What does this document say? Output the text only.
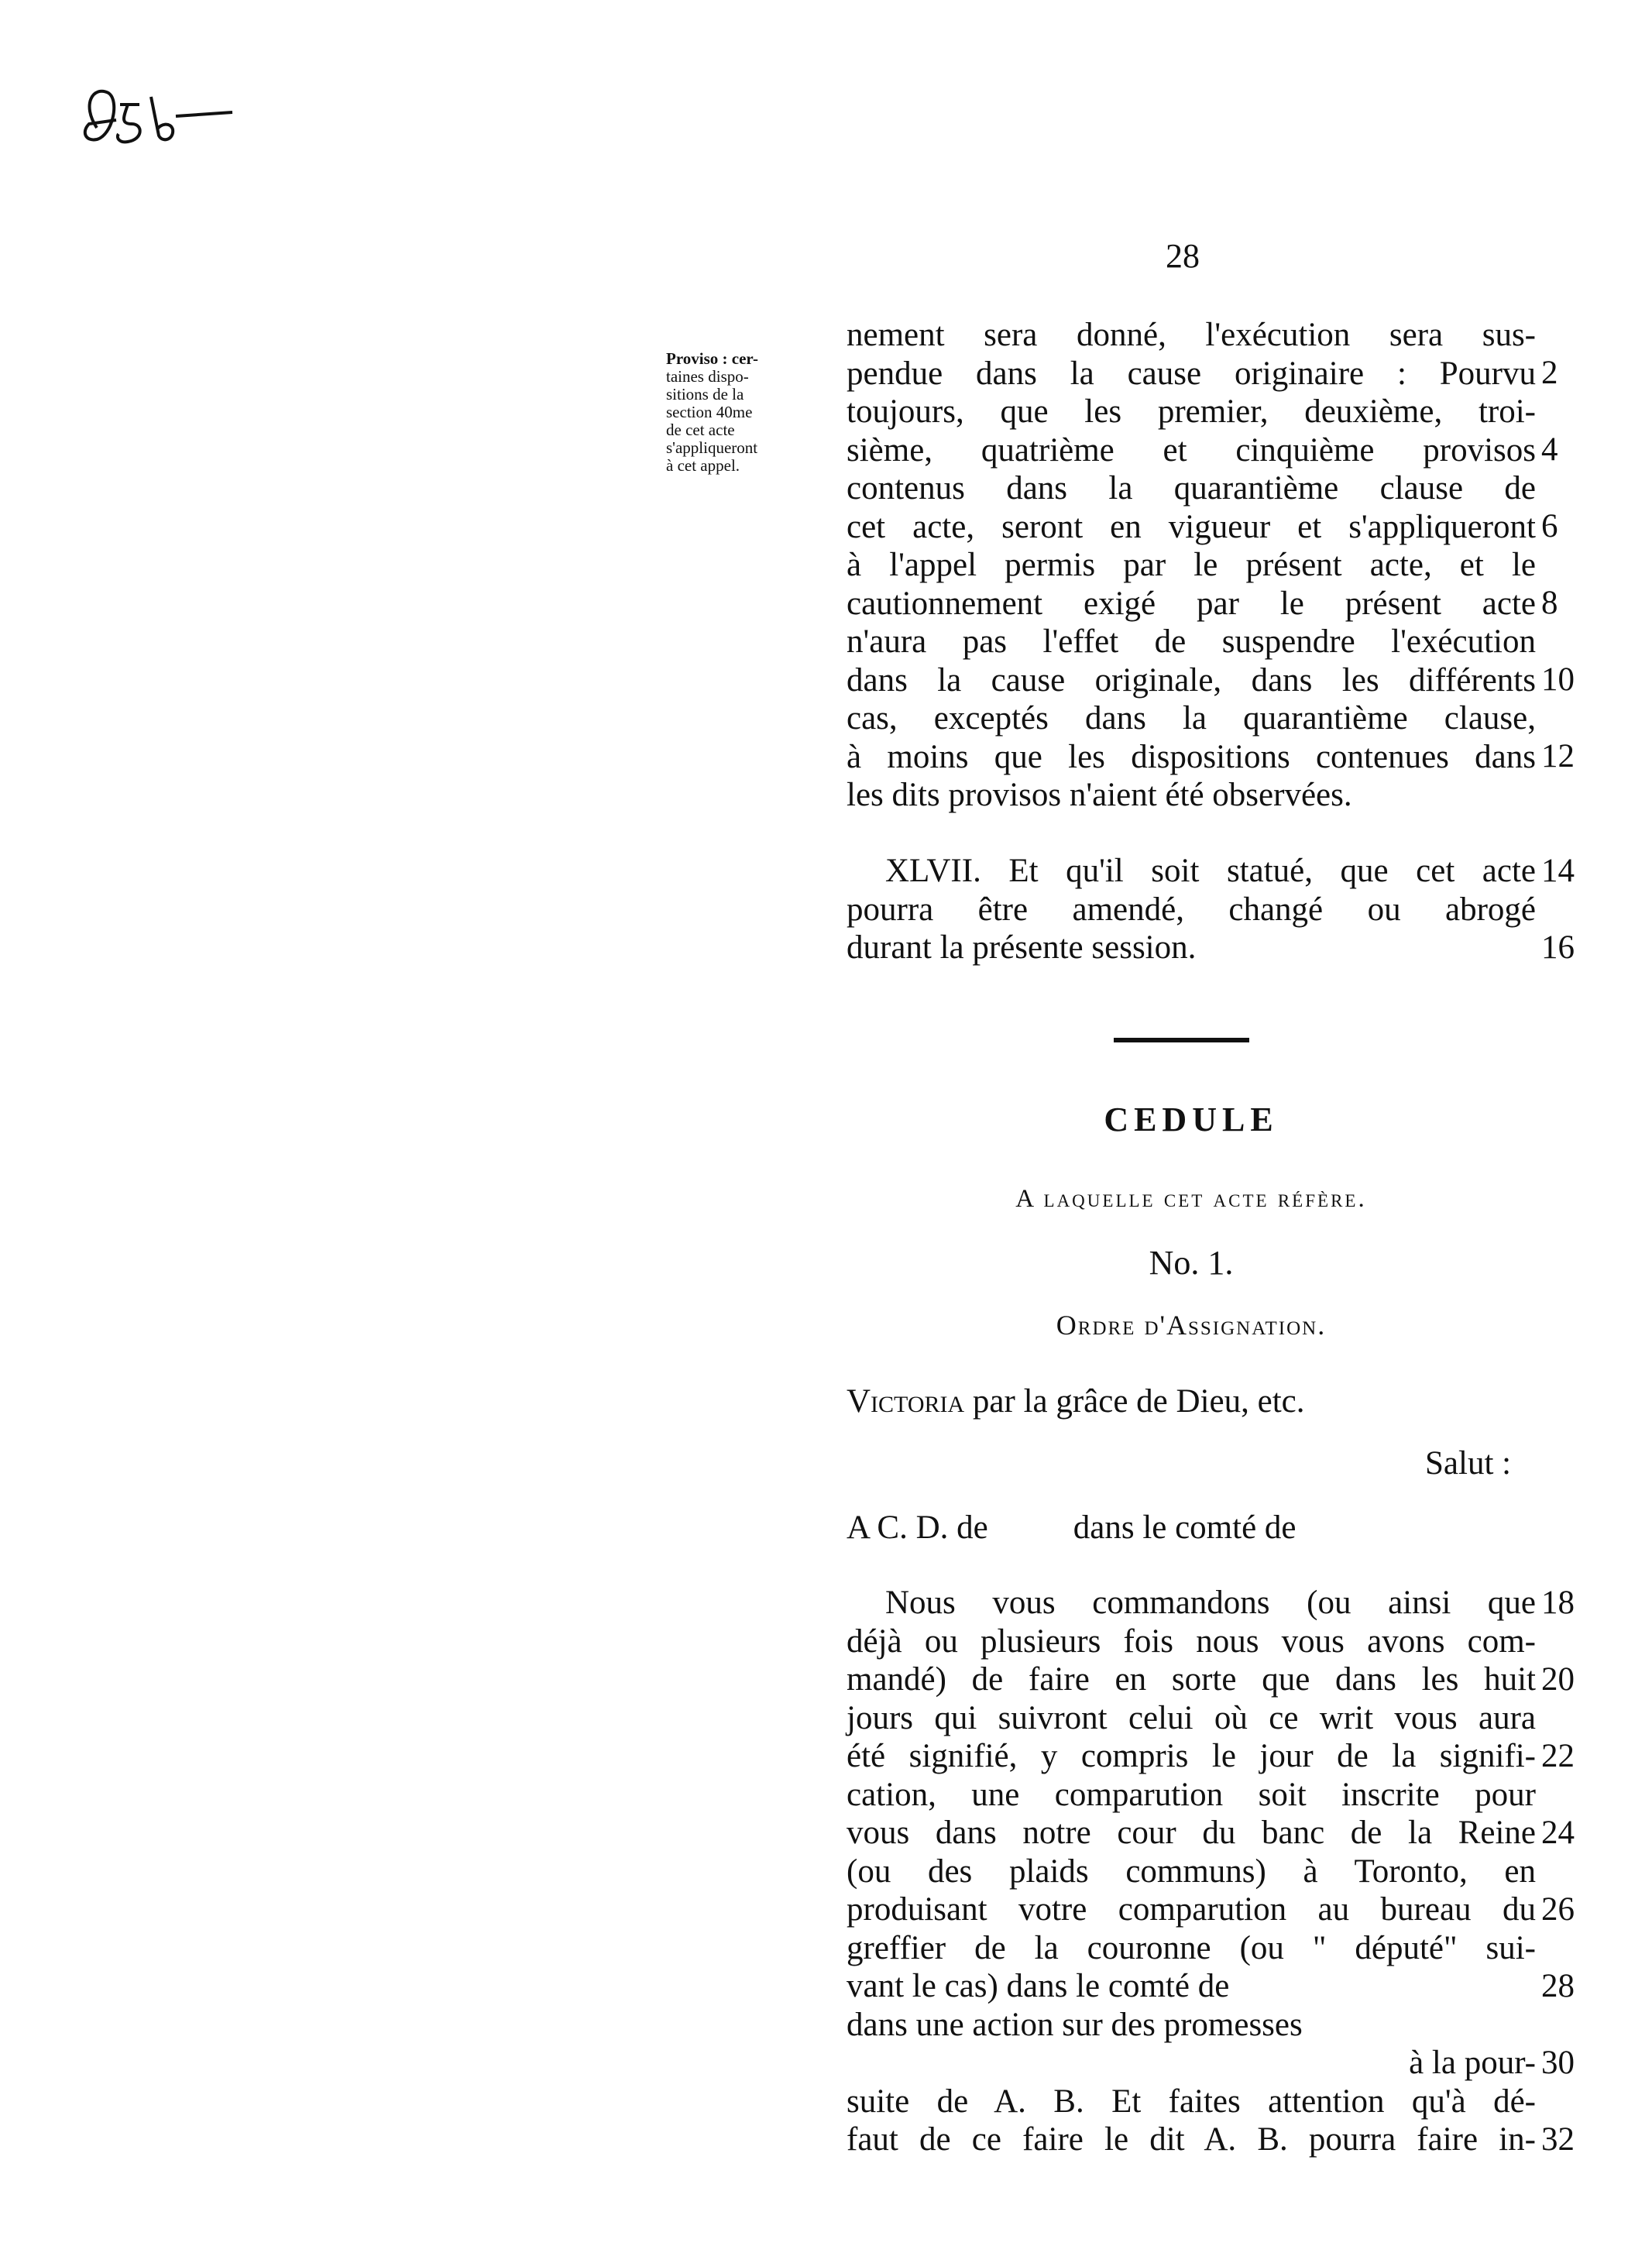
556
28
Proviso : cer-
taines dispo-
sitions de la
section 40me
de cet acte
s'appliqueront
à cet appel.
nement sera donné, l'exécution sera sus-
pendue dans la cause originaire : Pourvu
toujours, que les premier, deuxième, troi-
sième, quatrième et cinquième provisos
contenus dans la quarantième clause de
cet acte, seront en vigueur et s'appliqueront
à l'appel permis par le présent acte, et le
cautionnement exigé par le présent acte
n'aura pas l'effet de suspendre l'exécution
dans la cause originale, dans les différents
cas, exceptés dans la quarantième clause,
à moins que les dispositions contenues dans
les dits provisos n'aient été observées.
2
4
6
8
10
12
XLVII. Et qu'il soit statué, que cet acte
pourra être amendé, changé ou abrogé
durant la présente session.
14
16
CEDULE
A laquelle cet acte réfère.
No. 1.
Ordre d'Assignation.
Victoria par la grâce de Dieu, etc.
Salut :
A C. D. de	dans le comté de
Nous vous commandons (ou ainsi que
déjà ou plusieurs fois nous vous avons com-
mandé) de faire en sorte que dans les huit
jours qui suivront celui où ce writ vous aura
été signifié, y compris le jour de la signifi-
cation, une comparution soit inscrite pour
vous dans notre cour du banc de la Reine
(ou des plaids communs) à Toronto, en
produisant votre comparution au bureau du
greffier de la couronne (ou " député" sui-
vant le cas) dans le comté de
dans une action sur des promesses
à la pour-
suite de A. B. Et faites attention qu'à dé-
faut de ce faire le dit A. B. pourra faire in-
18
20
22
24
26
28
30
32
